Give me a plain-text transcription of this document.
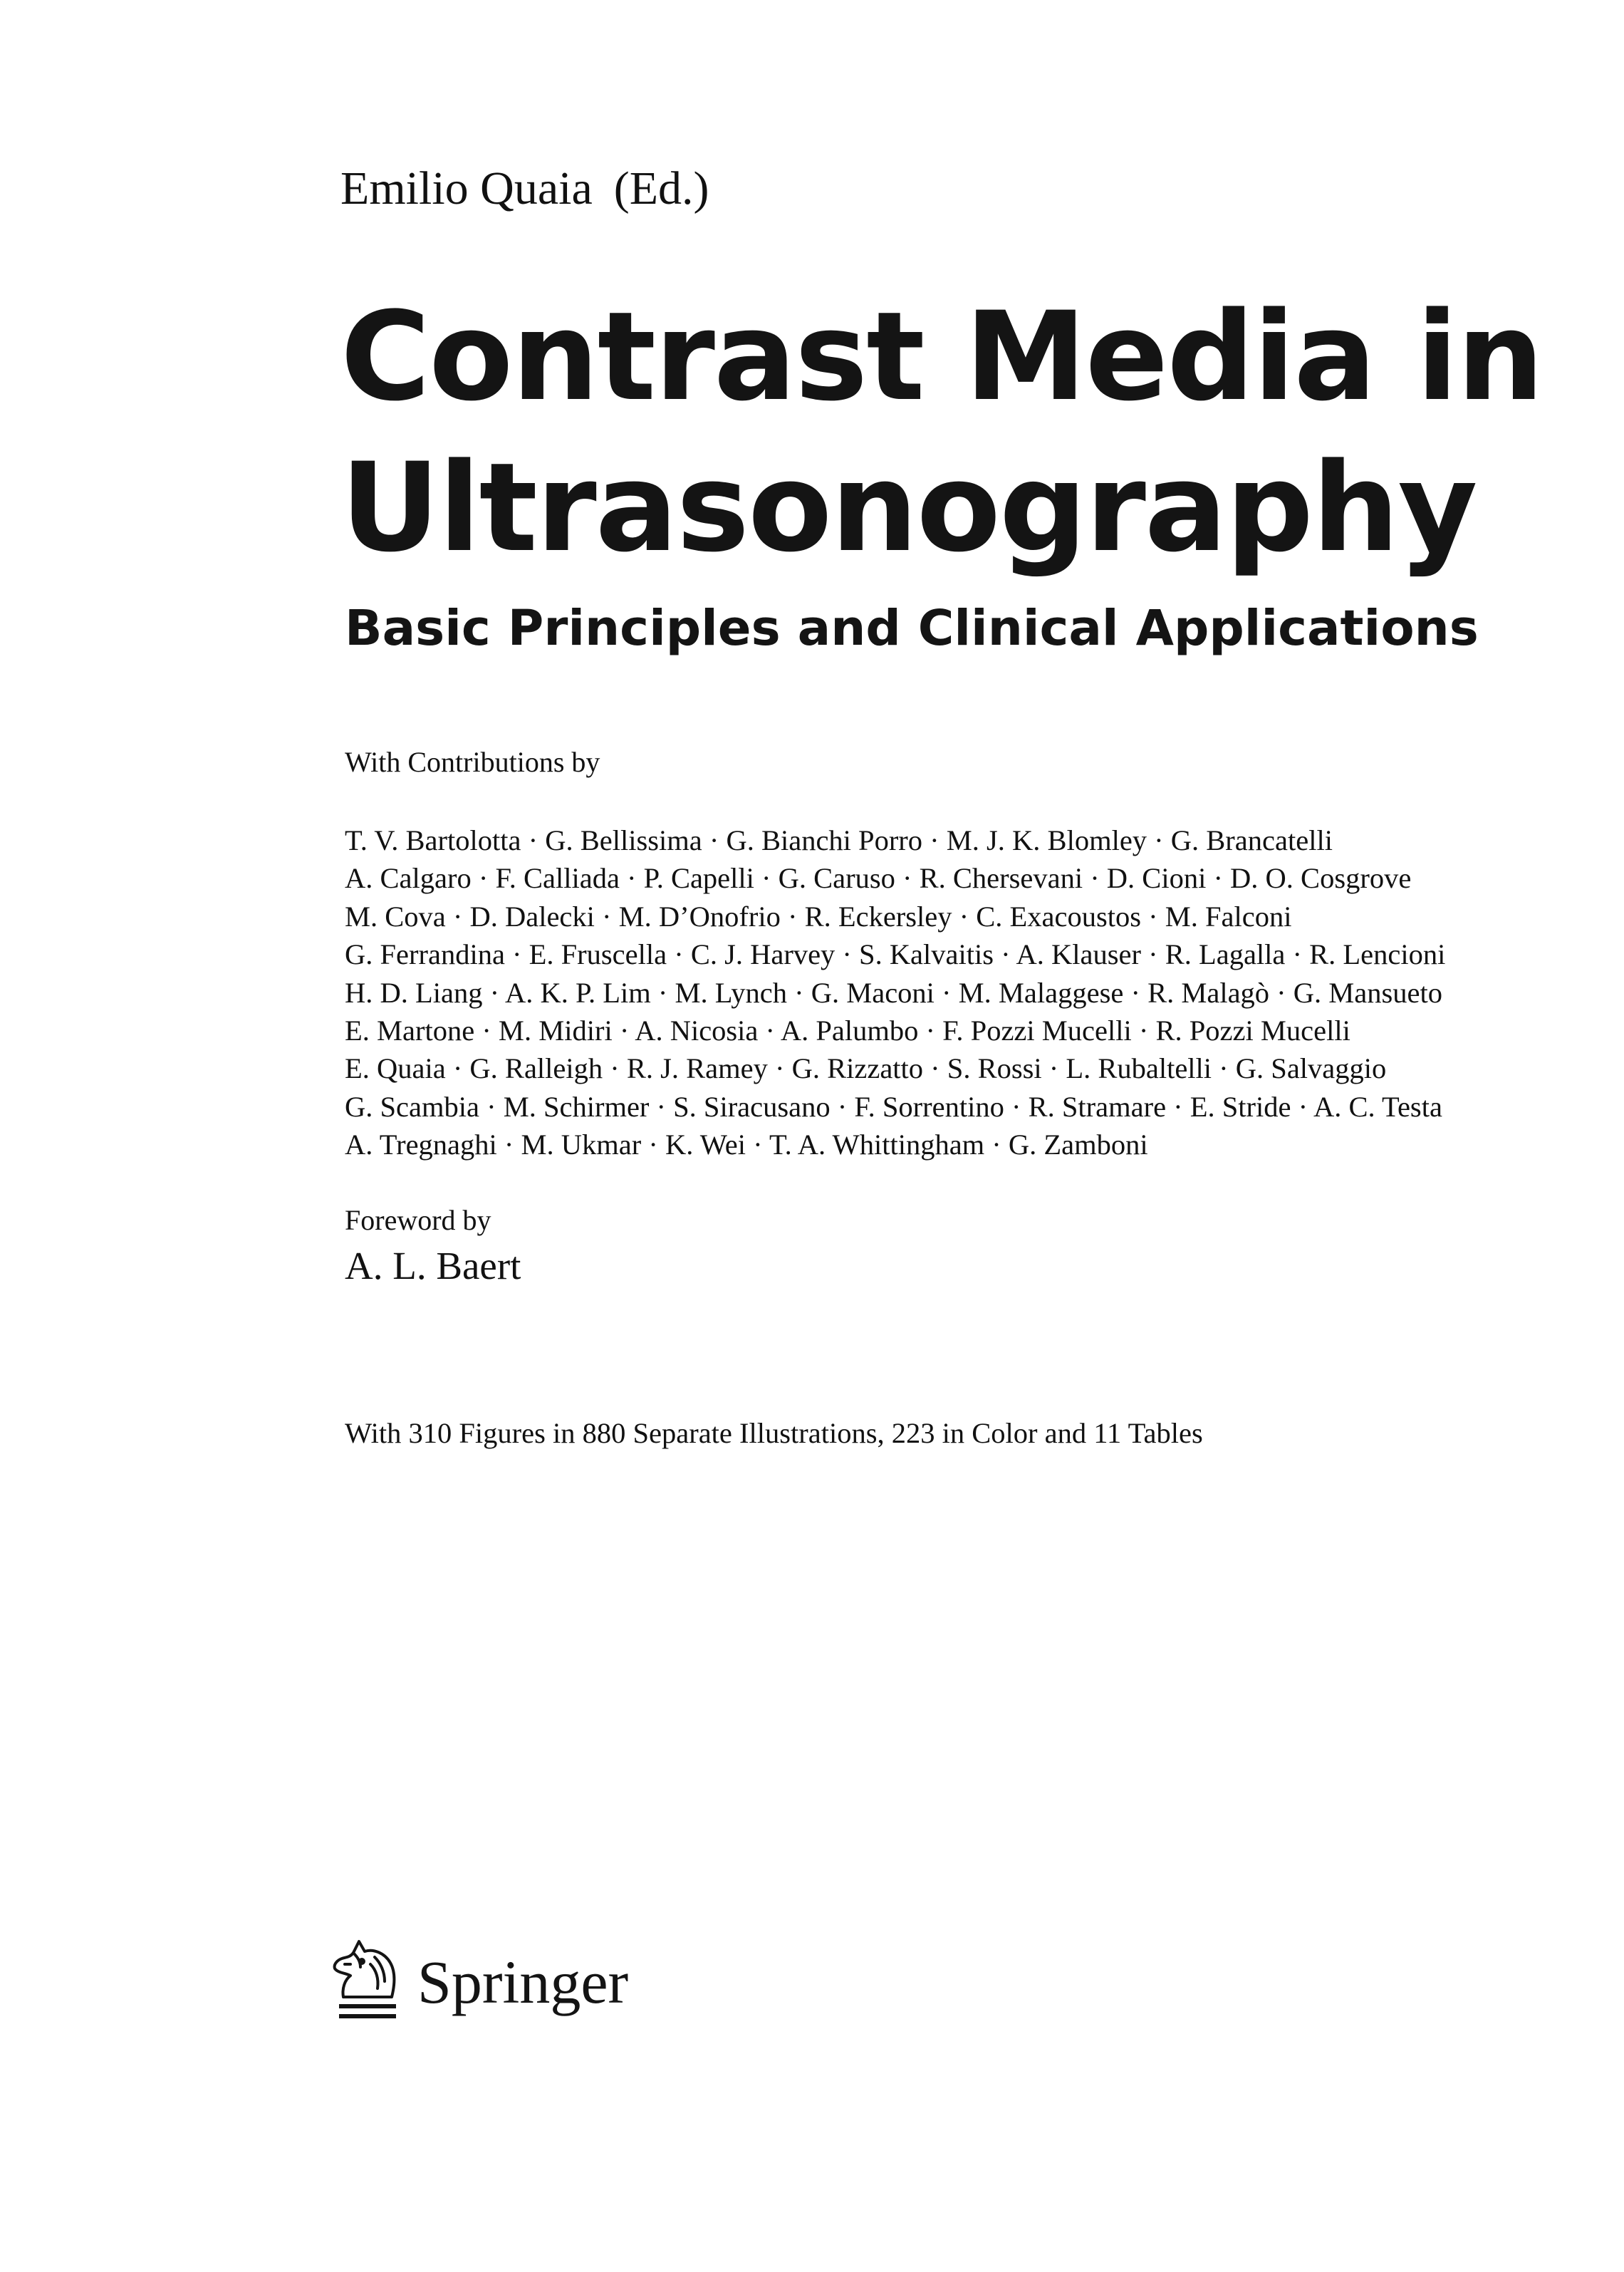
Emilio Quaia (Ed.)
Contrast Media in
Ultrasonography
Basic Principles and Clinical Applications
With Contributions by
T. V. Bartolotta · G. Bellissima · G. Bianchi Porro · M. J. K. Blomley · G. Brancatelli
A. Calgaro · F. Calliada · P. Capelli · G. Caruso · R. Chersevani · D. Cioni · D. O. Cosgrove
M. Cova · D. Dalecki · M. D’Onofrio · R. Eckersley · C. Exacoustos · M. Falconi
G. Ferrandina · E. Fruscella · C. J. Harvey · S. Kalvaitis · A. Klauser · R. Lagalla · R. Lencioni
H. D. Liang · A. K. P. Lim · M. Lynch · G. Maconi · M. Malaggese · R. Malagò · G. Mansueto
E. Martone · M. Midiri · A. Nicosia · A. Palumbo · F. Pozzi Mucelli · R. Pozzi Mucelli
E. Quaia · G. Ralleigh · R. J. Ramey · G. Rizzatto · S. Rossi · L. Rubaltelli · G. Salvaggio
G. Scambia · M. Schirmer · S. Siracusano · F. Sorrentino · R. Stramare · E. Stride · A. C. Testa
A. Tregnaghi · M. Ukmar · K. Wei · T. A. Whittingham · G. Zamboni
Foreword by
A. L. Baert
With 310 Figures in 880 Separate Illustrations, 223 in Color and 11 Tables
Springer
